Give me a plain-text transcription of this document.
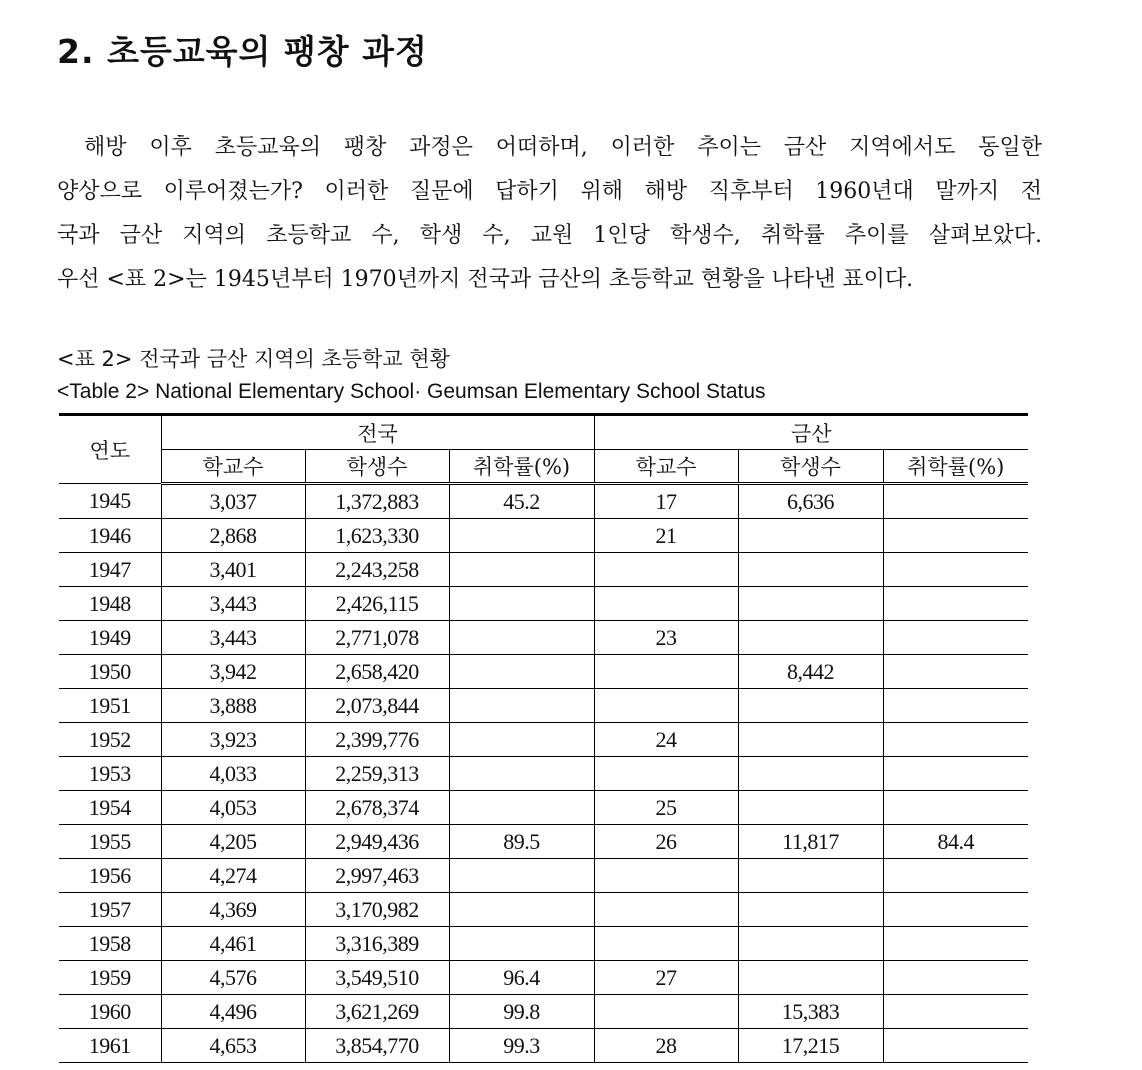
2. 초등교육의 팽창 과정
해방 이후 초등교육의 팽창 과정은 어떠하며, 이러한 추이는 금산 지역에서도 동일한
양상으로 이루어졌는가? 이러한 질문에 답하기 위해 해방 직후부터 1960년대 말까지 전
국과 금산 지역의 초등학교 수, 학생 수, 교원 1인당 학생수, 취학률 추이를 살펴보았다.
우선 <표 2>는 1945년부터 1970년까지 전국과 금산의 초등학교 현황을 나타낸 표이다.
<표 2> 전국과 금산 지역의 초등학교 현황
<Table 2> National Elementary School· Geumsan Elementary School Status
연도	전국			금산		
	학교수	학생수	취학률(%)	학교수	학생수	취학률(%)
1945	3,037	1,372,883	45.2	17	6,636	
1946	2,868	1,623,330		21		
1947	3,401	2,243,258				
1948	3,443	2,426,115				
1949	3,443	2,771,078		23		
1950	3,942	2,658,420			8,442	
1951	3,888	2,073,844				
1952	3,923	2,399,776		24		
1953	4,033	2,259,313				
1954	4,053	2,678,374		25		
1955	4,205	2,949,436	89.5	26	11,817	84.4
1956	4,274	2,997,463				
1957	4,369	3,170,982				
1958	4,461	3,316,389				
1959	4,576	3,549,510	96.4	27		
1960	4,496	3,621,269	99.8		15,383	
1961	4,653	3,854,770	99.3	28	17,215	
